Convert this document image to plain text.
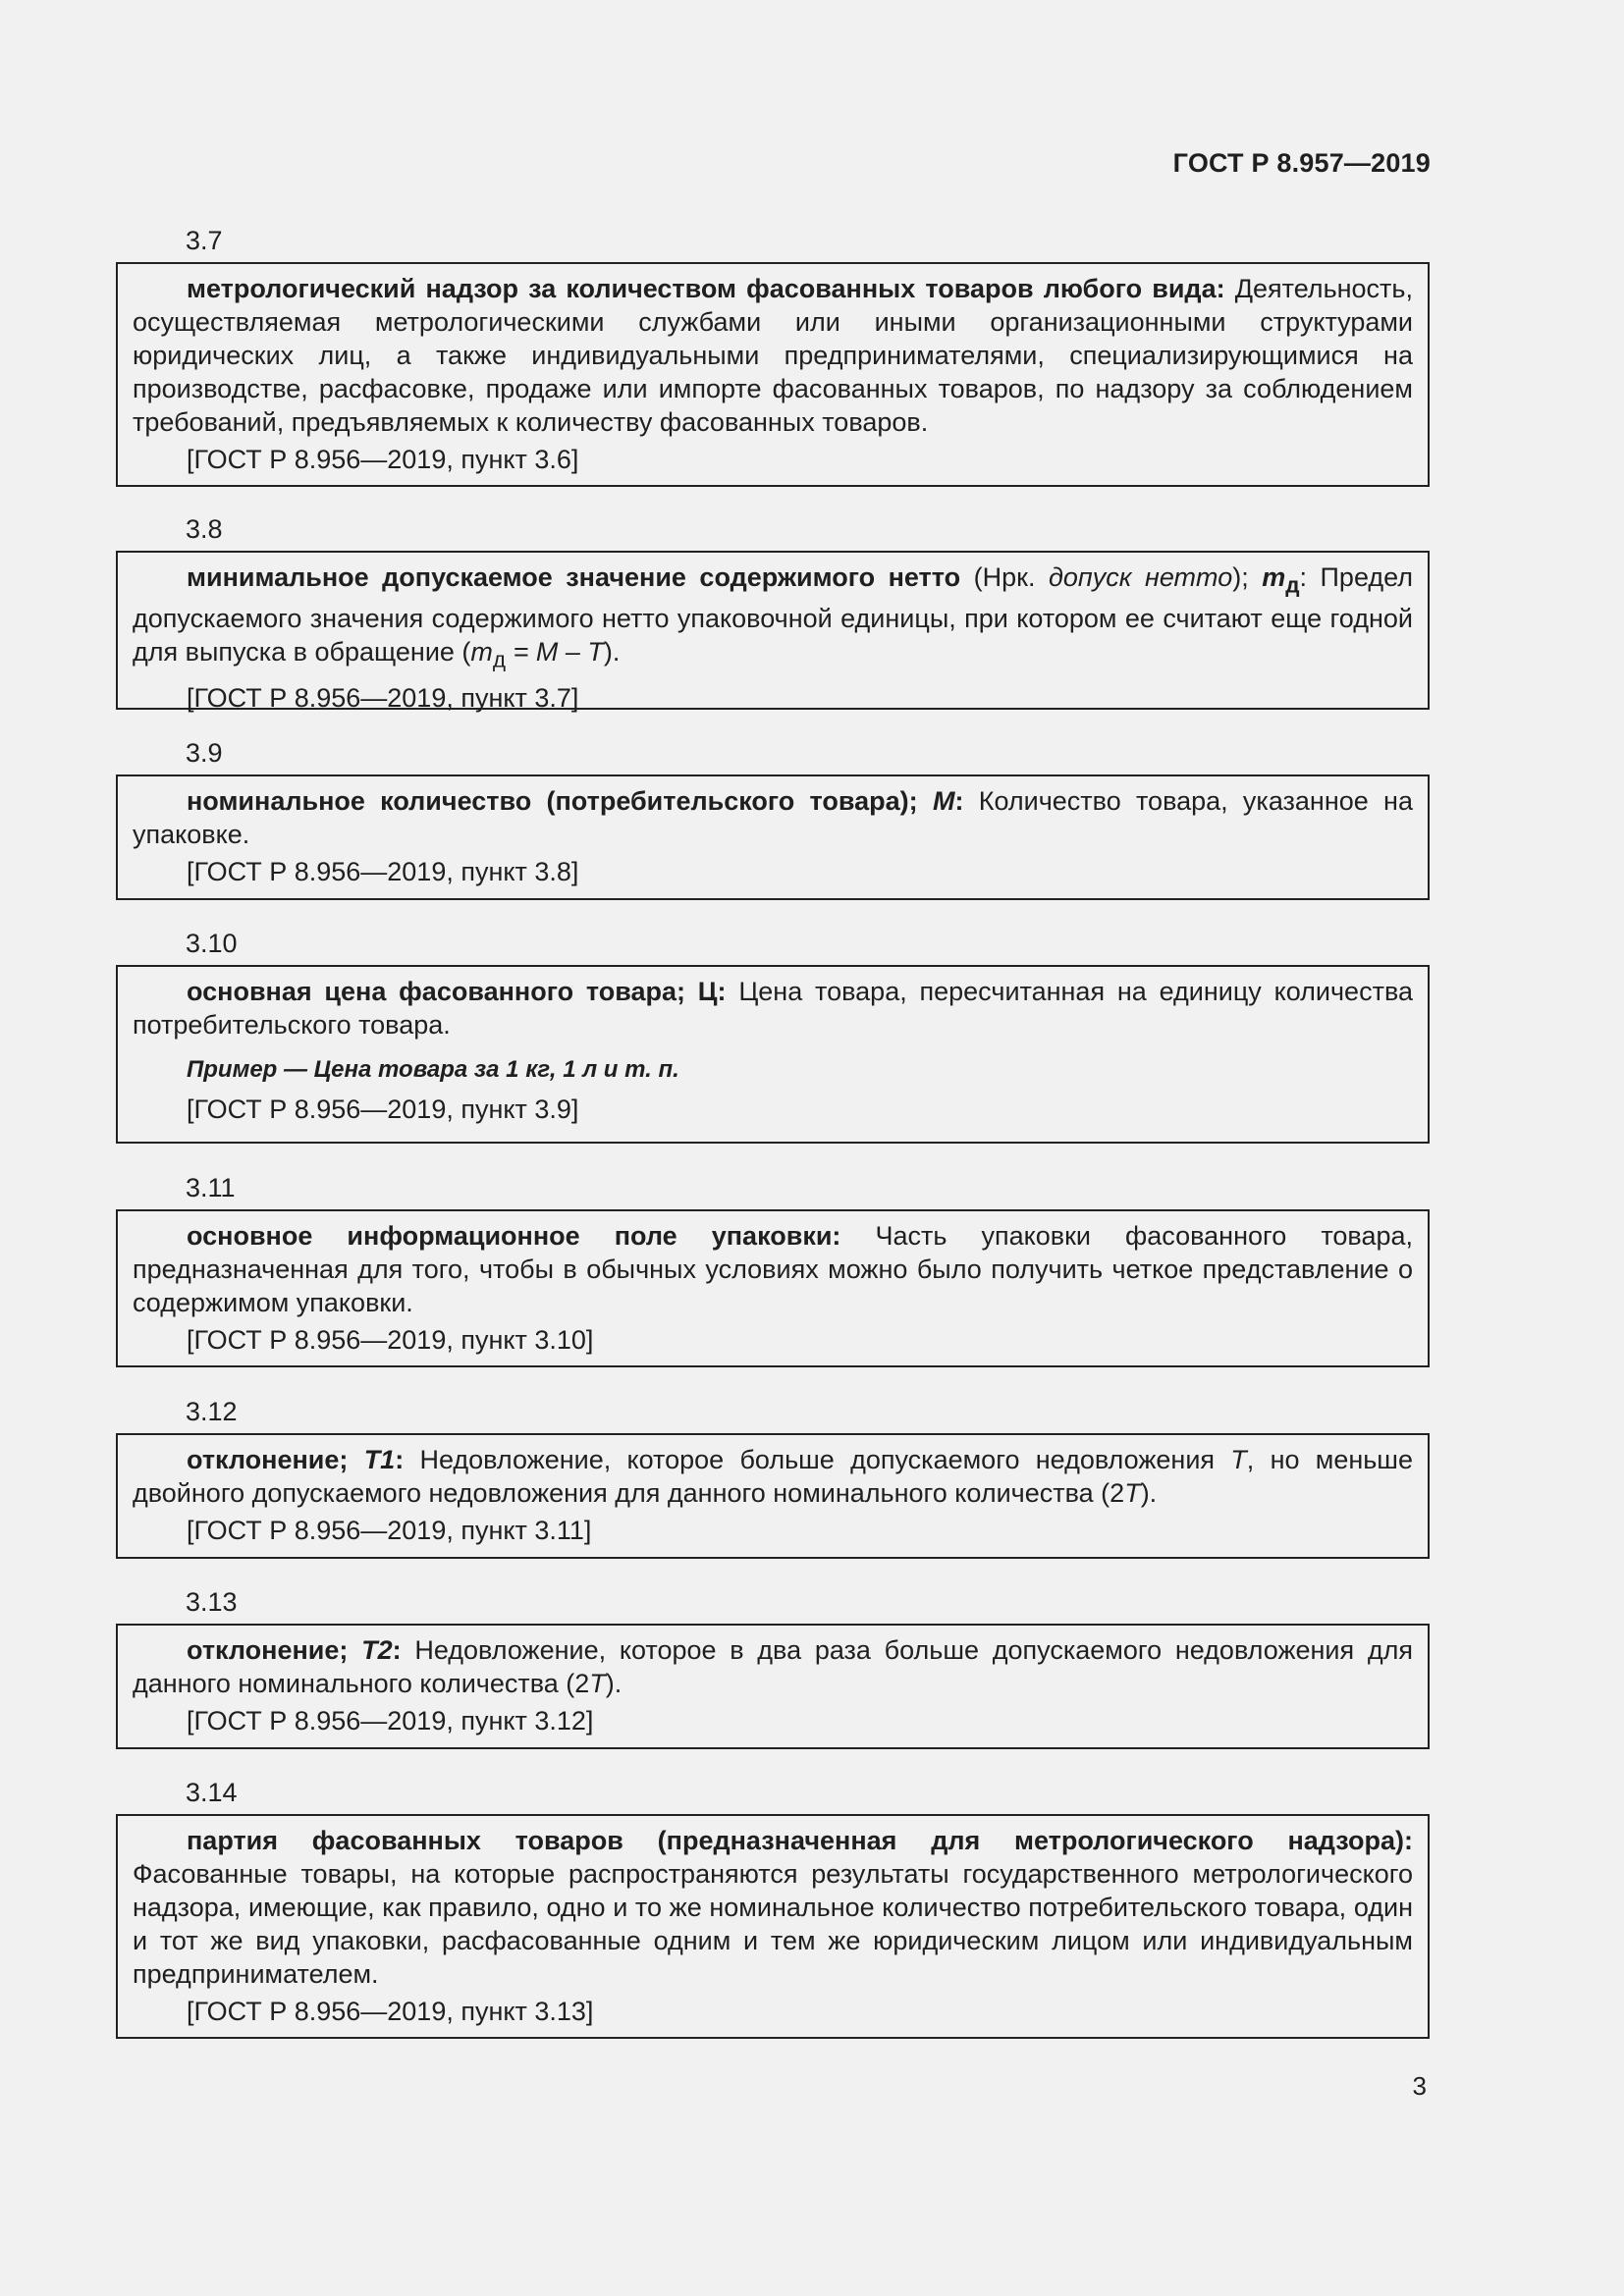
ГОСТ Р 8.957—2019
3.7

метрологический надзор за количеством фасованных товаров любого вида: Деятельность, осуществляемая метрологическими службами или иными организационными структурами юридических лиц, а также индивидуальными предпринимателями, специализирующимися на производстве, расфасовке, продаже или импорте фасованных товаров, по надзору за соблюдением требований, предъявляемых к количеству фасованных товаров.

[ГОСТ Р 8.956—2019, пункт 3.6]

3.8

минимальное допускаемое значение содержимого нетто (Нрк. допуск нетто); $m_д$: Предел допускаемого значения содержимого нетто упаковочной единицы, при котором ее считают еще годной для выпуска в обращение $(m_д = M - T)$.

[ГОСТ Р 8.956—2019, пункт 3.7]

3.9

номинальное количество (потребительского товара); M: Количество товара, указанное на упаковке.

[ГОСТ Р 8.956—2019, пункт 3.8]

3.10

основная цена фасованного товара; Ц: Цена товара, пересчитанная на единицу количества потребительского товара.

Пример — Цена товара за 1 кг, 1 л и т. п.

[ГОСТ Р 8.956—2019, пункт 3.9]

3.11

основное информационное поле упаковки: Часть упаковки фасованного товара, предназначенная для того, чтобы в обычных условиях можно было получить четкое представление о содержимом упаковки.

[ГОСТ Р 8.956—2019, пункт 3.10]

3.12

отклонение; T1: Недовложение, которое больше допускаемого недовложения T, но меньше двойного допускаемого недовложения для данного номинального количества (2T).

[ГОСТ Р 8.956—2019, пункт 3.11]

3.13

отклонение; T2: Недовложение, которое в два раза больше допускаемого недовложения для данного номинального количества (2T).

[ГОСТ Р 8.956—2019, пункт 3.12]

3.14

партия фасованных товаров (предназначенная для метрологического надзора): Фасованные товары, на которые распространяются результаты государственного метрологического надзора, имеющие, как правило, одно и то же номинальное количество потребительского товара, один и тот же вид упаковки, расфасованные одним и тем же юридическим лицом или индивидуальным предпринимателем.

[ГОСТ Р 8.956—2019, пункт 3.13]

3
